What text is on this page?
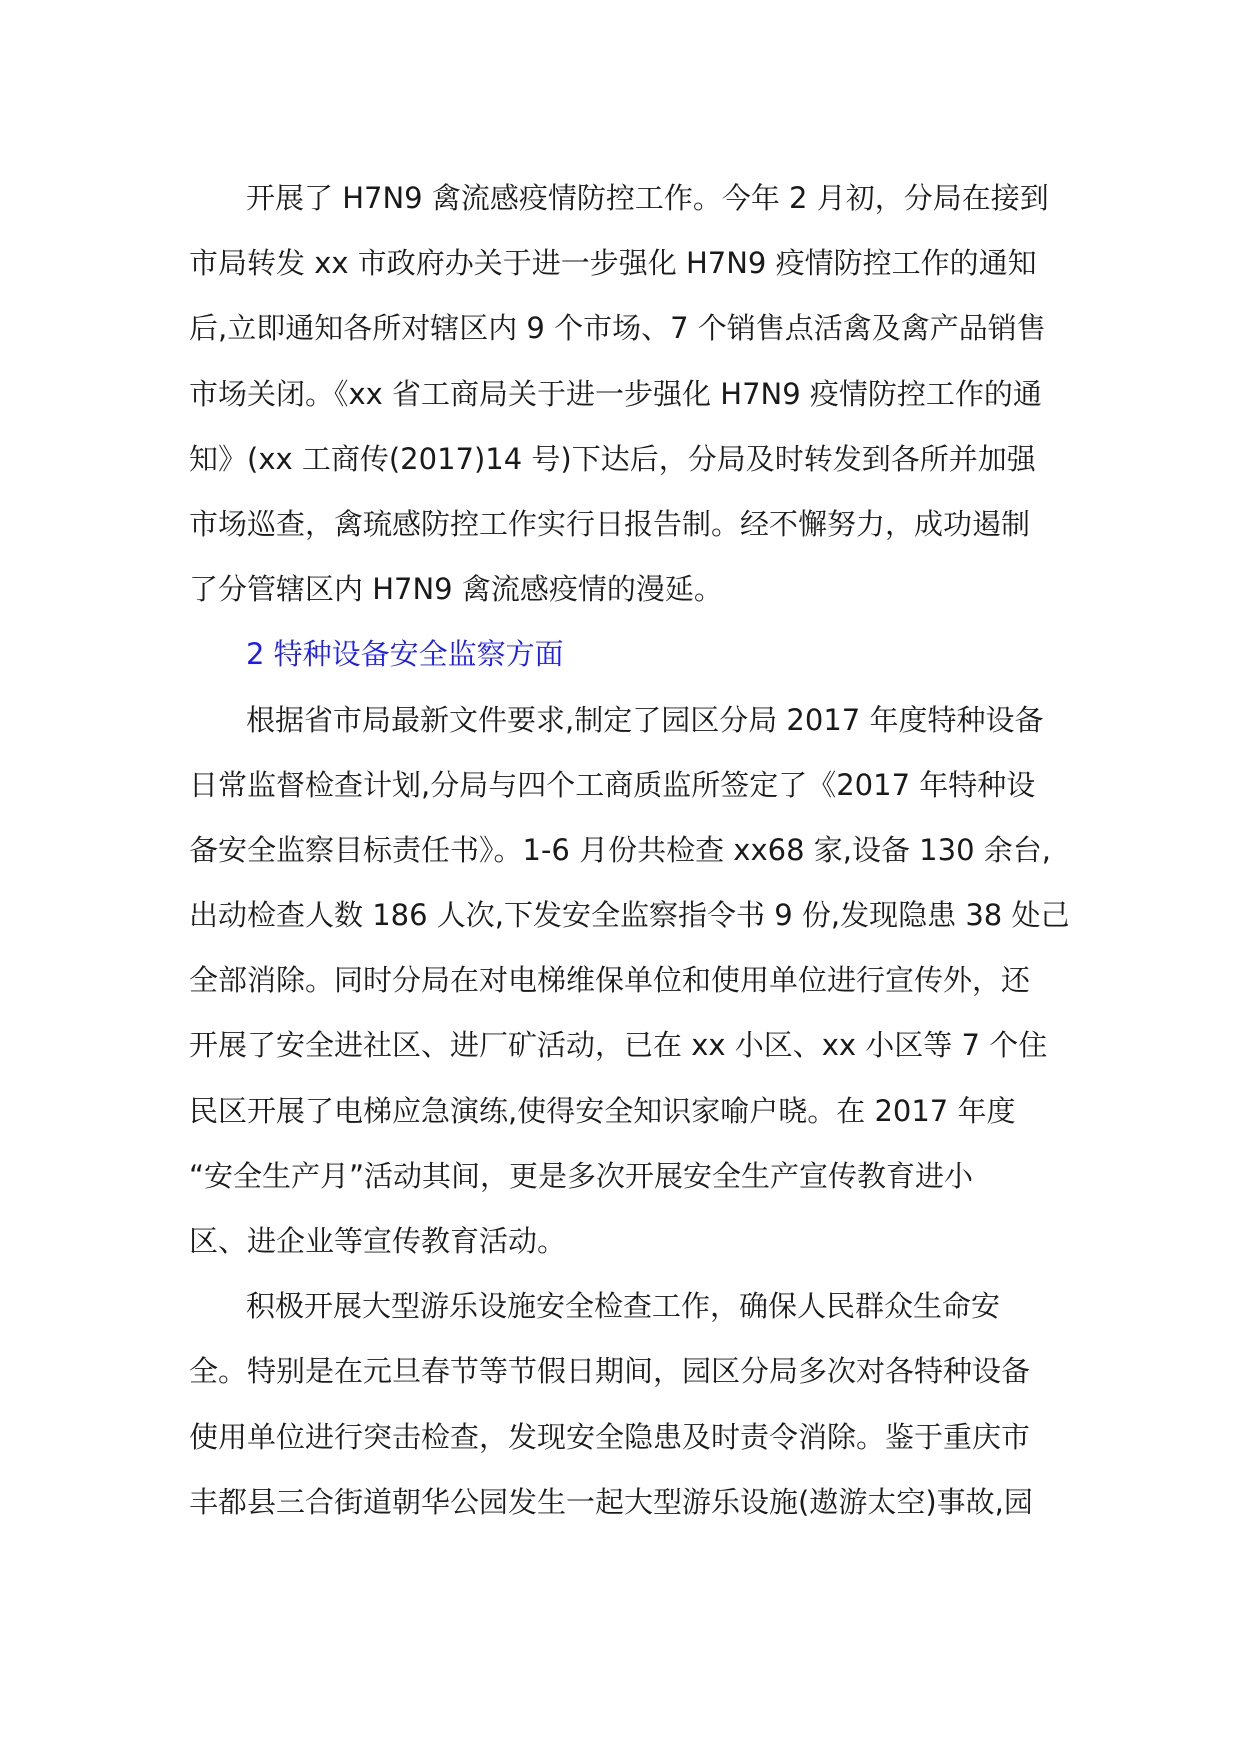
开展了 H7N9 禽流感疫情防控工作。今年 2 月初，分局在接到
市局转发 xx 市政府办关于进一步强化 H7N9 疫情防控工作的通知
后,立即通知各所对辖区内 9 个市场、7 个销售点活禽及禽产品销售
市场关闭。《xx 省工商局关于进一步强化 H7N9 疫情防控工作的通
知》(xx 工商传(2017)14 号)下达后，分局及时转发到各所并加强
市场巡查，禽琉感防控工作实行日报告制。经不懈努力，成功遏制
了分管辖区内 H7N9 禽流感疫情的漫延。
2 特种设备安全监察方面
根据省市局最新文件要求,制定了园区分局 2017 年度特种设备
日常监督检查计划,分局与四个工商质监所签定了《2017 年特种设
备安全监察目标责任书》。1-6 月份共检查 xx68 家,设备 130 余台,
出动检查人数 186 人次,下发安全监察指令书 9 份,发现隐患 38 处己
全部消除。同时分局在对电梯维保单位和使用单位进行宣传外，还
开展了安全进社区、进厂矿活动，已在 xx 小区、xx 小区等 7 个住
民区开展了电梯应急演练,使得安全知识家喻户晓。在 2017 年度
“安全生产月”活动其间，更是多次开展安全生产宣传教育进小
区、进企业等宣传教育活动。
积极开展大型游乐设施安全检查工作，确保人民群众生命安
全。特别是在元旦春节等节假日期间，园区分局多次对各特种设备
使用单位进行突击检查，发现安全隐患及时责令消除。鉴于重庆市
丰都县三合街道朝华公园发生一起大型游乐设施(遨游太空)事故,园
